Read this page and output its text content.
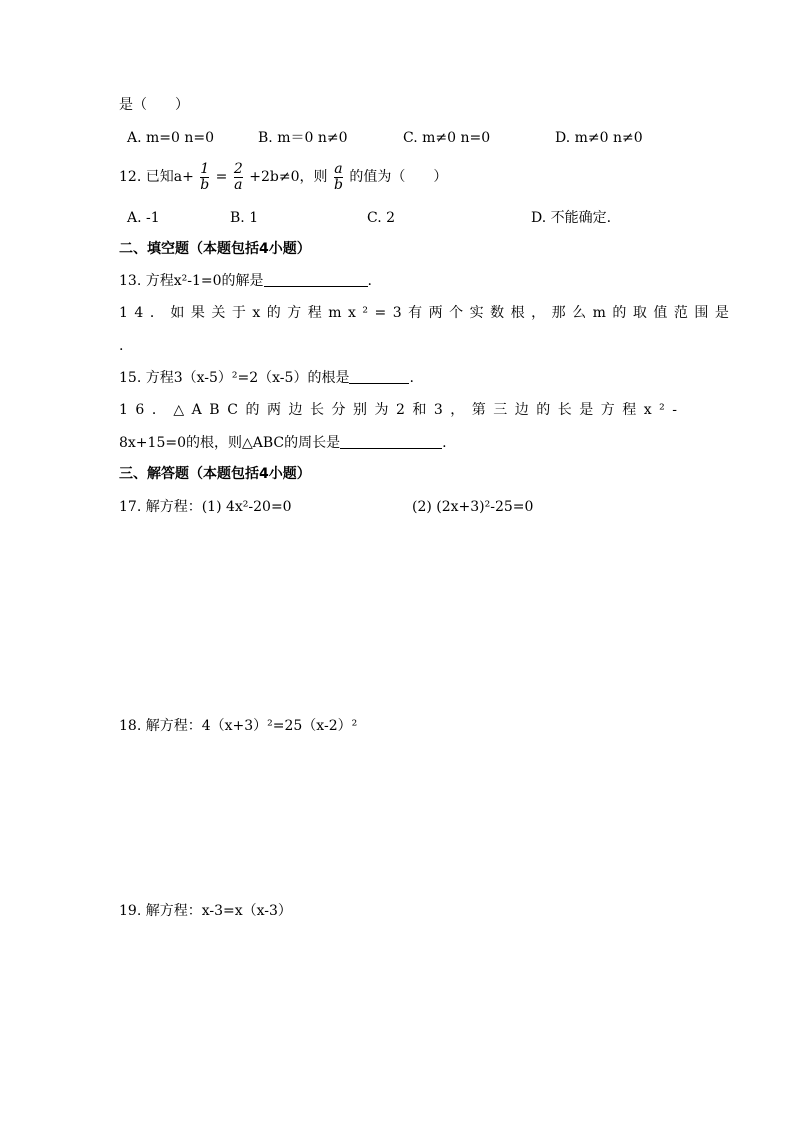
是（　　）
A. m=0 n=0	B. m＝0 n≠0	C. m≠0 n=0	D. m≠0 n≠0
12. 已知$a+ \frac{1}{b} = \frac{2}{a} +2b\ne 0$，则 $\frac{a}{b}$ 的值为（　　）
A. -1	B. 1	C. 2	D. 不能确定.
二、填空题（本题包括4小题）
13. 方程x²-1=0的解是	.
14．如果关于x的方程mx²=3有两个实数根，那么m的取值范围是
.
15. 方程3（x-5）²=2（x-5）的根是	.
16．△ABC的两边长分别为2和3，第三边的长是方程x²-
8x+15=0的根，则△ABC的周长是	.
三、解答题（本题包括4小题）
17. 解方程：(1) 4x²-20=0	(2) (2x+3)²-25=0
18. 解方程：4（x+3）²=25（x-2）²
19. 解方程：x-3=x（x-3）
